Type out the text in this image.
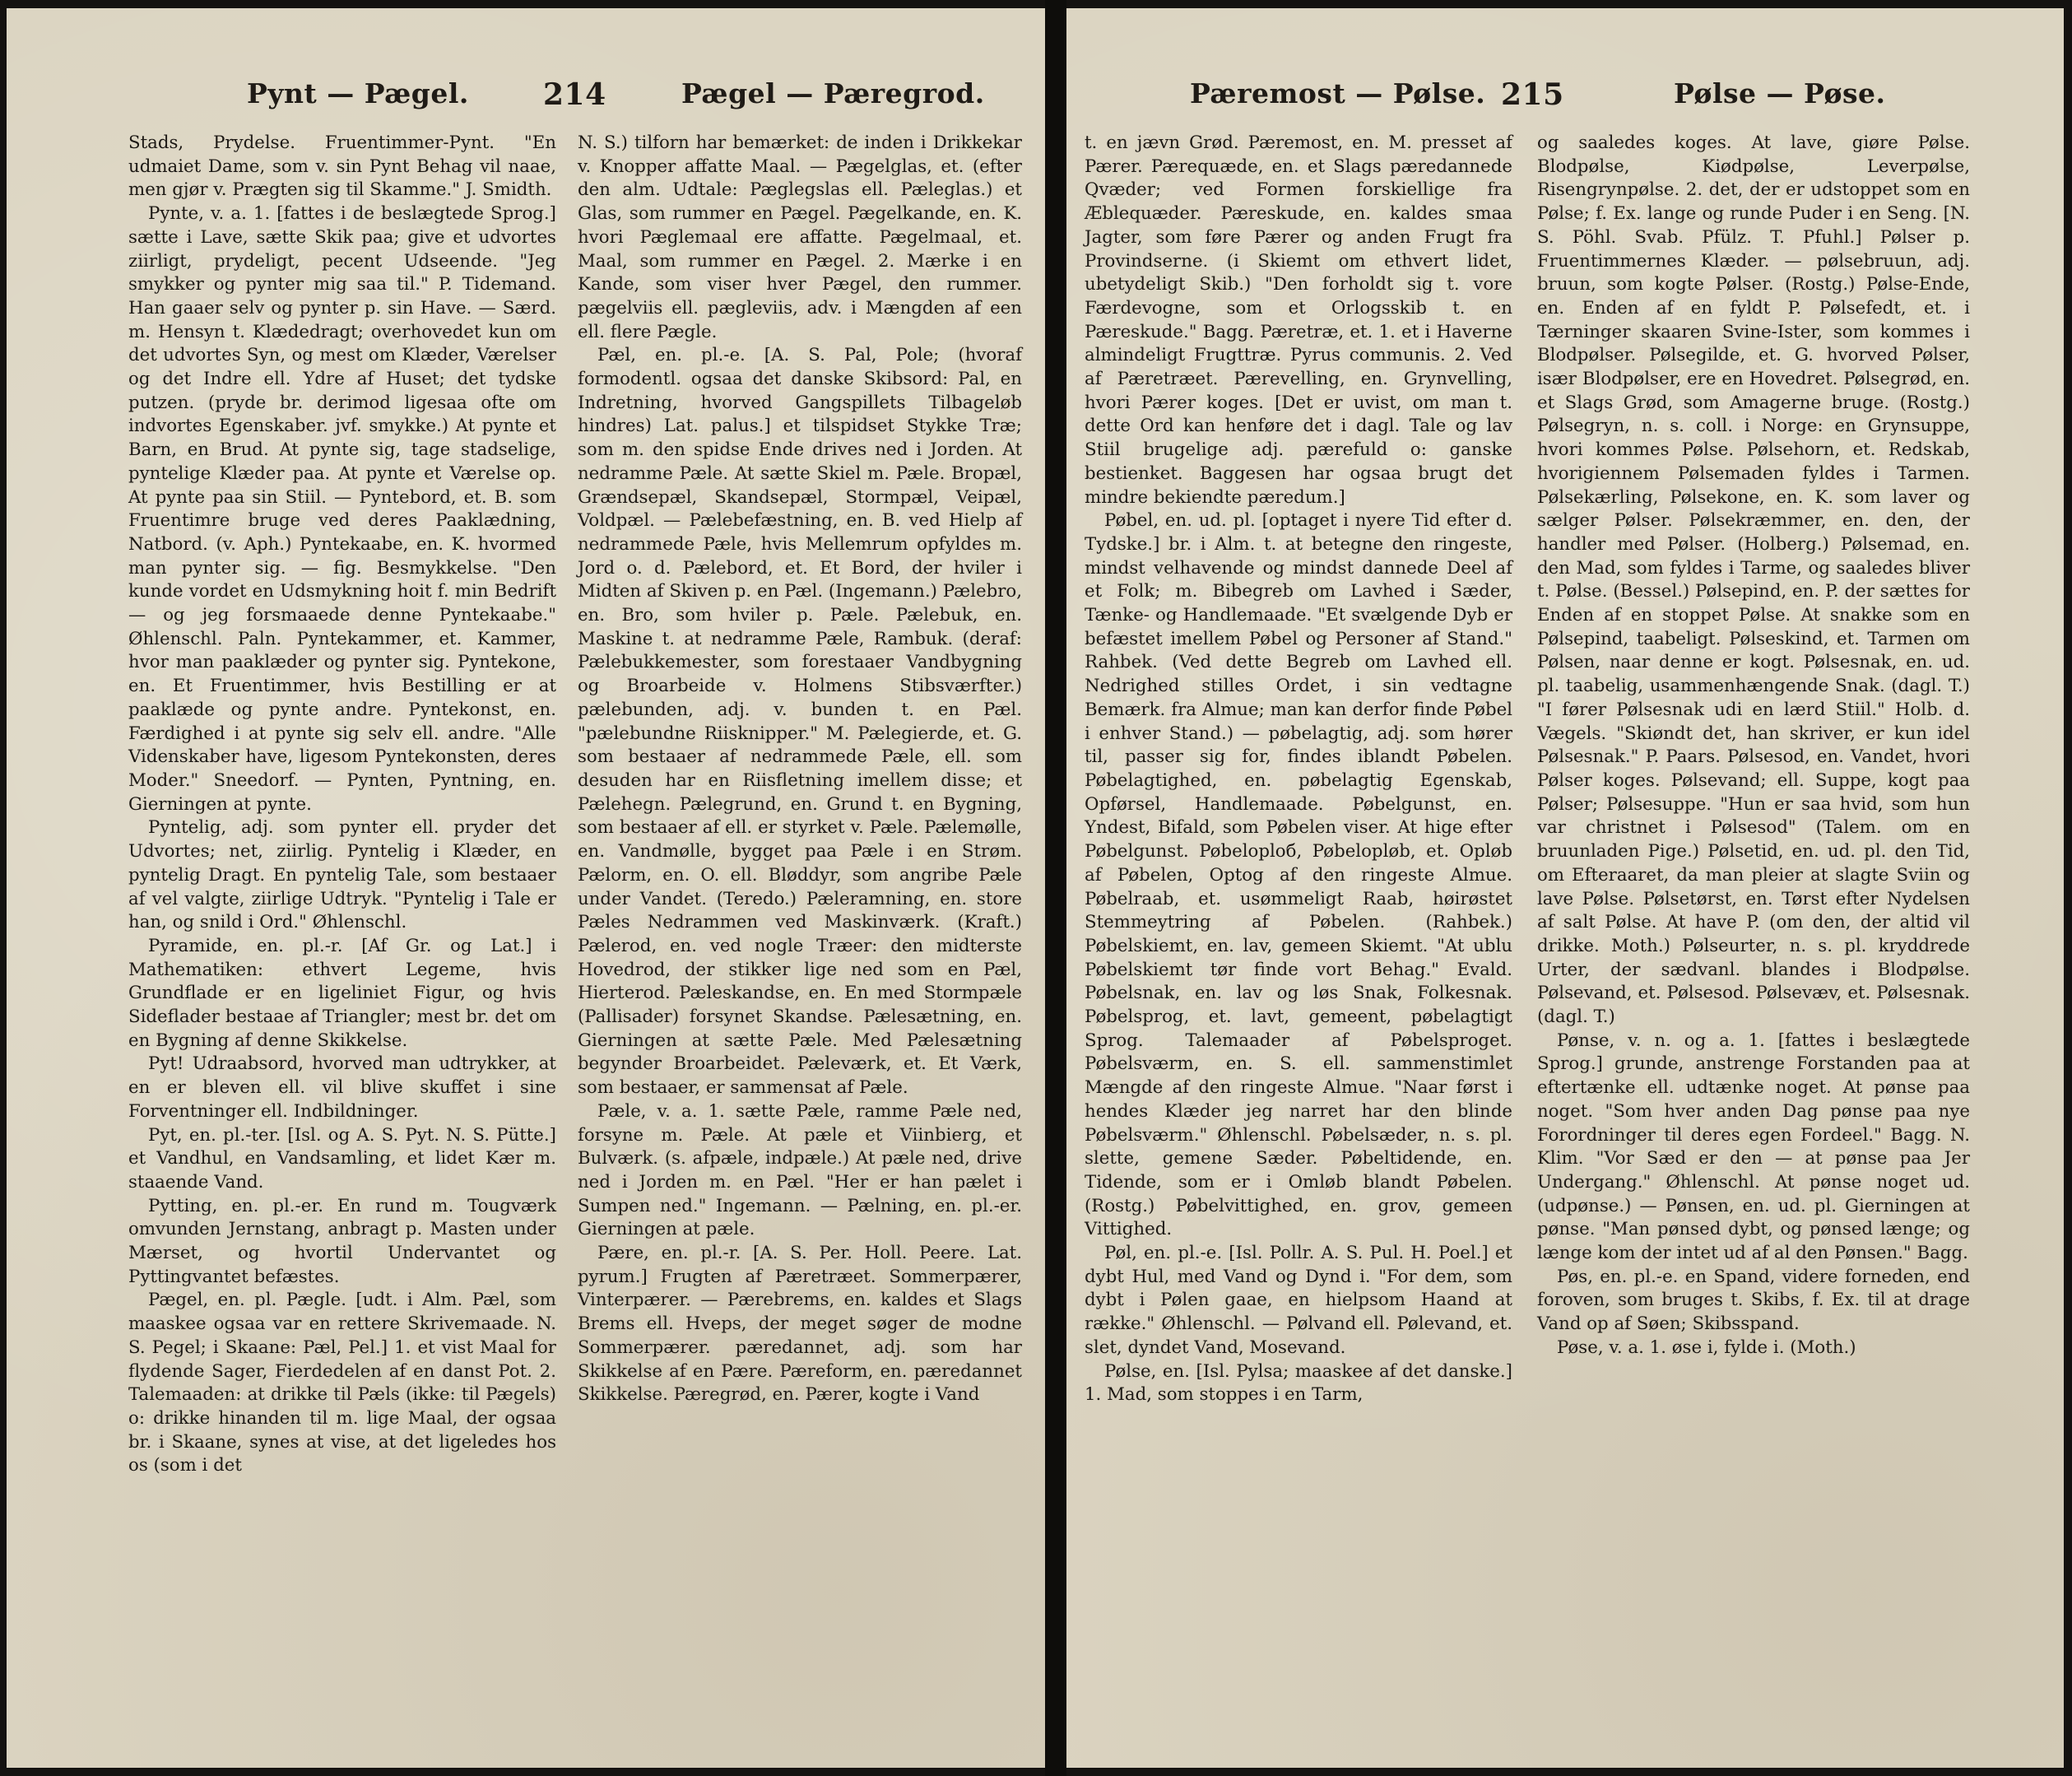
Pynt — Pægel.	214	Pægel — Pæregrod.

Stads, Prydelse. Fruentimmer-Pynt. "En udmaiet Dame, som v. sin Pynt Behag vil naae, men gjør v. Prægten sig til Skamme." J. Smidth.

Pynte, v. a. 1. [fattes i de beslægtede Sprog.] sætte i Lave, sætte Skik paa; give et udvortes ziirligt, prydeligt, pecent Udseende. "Jeg smykker og pynter mig saa til." P. Tidemand. Han gaaer selv og pynter p. sin Have. — Særd. m. Hensyn t. Klædedragt; overhovedet kun om det udvortes Syn, og mest om Klæder, Værelser og det Indre ell. Ydre af Huset; det tydske putzen. (pryde br. derimod ligesaa ofte om indvortes Egenskaber. jvf. smykke.) At pynte et Barn, en Brud. At pynte sig, tage stadselige, pyntelige Klæder paa. At pynte et Værelse op. At pynte paa sin Stiil. — Pyntebord, et. B. som Fruentimre bruge ved deres Paaklædning, Natbord. (v. Aph.) Pyntekaabe, en. K. hvormed man pynter sig. — fig. Besmykkelse. "Den kunde vordet en Udsmykning hoit f. min Bedrift — og jeg forsmaaede denne Pyntekaabe." Øhlenschl. Paln. Pyntekammer, et. Kammer, hvor man paaklæder og pynter sig. Pyntekone, en. Et Fruentimmer, hvis Bestilling er at paaklæde og pynte andre. Pyntekonst, en. Færdighed i at pynte sig selv ell. andre. "Alle Videnskaber have, ligesom Pyntekonsten, deres Moder." Sneedorf. — Pynten, Pyntning, en. Gierningen at pynte.

Pyntelig, adj. som pynter ell. pryder det Udvortes; net, ziirlig. Pyntelig i Klæder, en pyntelig Dragt. En pyntelig Tale, som bestaaer af vel valgte, ziirlige Udtryk. "Pyntelig i Tale er han, og snild i Ord." Øhlenschl.

Pyramide, en. pl.-r. [Af Gr. og Lat.] i Mathematiken: ethvert Legeme, hvis Grundflade er en ligeliniet Figur, og hvis Sideflader bestaae af Triangler; mest br. det om en Bygning af denne Skikkelse.

Pyt! Udraabsord, hvorved man udtrykker, at en er bleven ell. vil blive skuffet i sine Forventninger ell. Indbildninger.

Pyt, en. pl.-ter. [Isl. og A. S. Pyt. N. S. Pütte.] et Vandhul, en Vandsamling, et lidet Kær m. staaende Vand.

Pytting, en. pl.-er. En rund m. Tougværk omvunden Jernstang, anbragt p. Masten under Mærset, og hvortil Undervantet og Pyttingvantet befæstes.

Pægel, en. pl. Pægle. [udt. i Alm. Pæl, som maaskee ogsaa var en rettere Skrivemaade. N. S. Pegel; i Skaane: Pæl, Pel.] 1. et vist Maal for flydende Sager, Fierdedelen af en danst Pot. 2. Talemaaden: at drikke til Pæls (ikke: til Pægels) o: drikke hinanden til m. lige Maal, der ogsaa br. i Skaane, synes at vise, at det ligeledes hos os (som i det

N. S.) tilforn har bemærket: de inden i Drikkekar v. Knopper affatte Maal. — Pægelglas, et. (efter den alm. Udtale: Pæglegslas ell. Pæleglas.) et Glas, som rummer en Pægel. Pægelkande, en. K. hvori Pæglemaal ere affatte. Pægelmaal, et. Maal, som rummer en Pægel. 2. Mærke i en Kande, som viser hver Pægel, den rummer. pægelviis ell. pægleviis, adv. i Mængden af een ell. flere Pægle.

Pæl, en. pl.-e. [A. S. Pal, Pole; (hvoraf formodentl. ogsaa det danske Skibsord: Pal, en Indretning, hvorved Gangspillets Tilbageløb hindres) Lat. palus.] et tilspidset Stykke Træ; som m. den spidse Ende drives ned i Jorden. At nedramme Pæle. At sætte Skiel m. Pæle. Bropæl, Grændsepæl, Skandsepæl, Stormpæl, Veipæl, Voldpæl. — Pælebefæstning, en. B. ved Hielp af nedrammede Pæle, hvis Mellemrum opfyldes m. Jord o. d. Pælebord, et. Et Bord, der hviler i Midten af Skiven p. en Pæl. (Ingemann.) Pælebro, en. Bro, som hviler p. Pæle. Pælebuk, en. Maskine t. at nedramme Pæle, Rambuk. (deraf: Pælebukkemester, som forestaaer Vandbygning og Broarbeide v. Holmens Stibsværfter.) pælebunden, adj. v. bunden t. en Pæl. "pælebundne Riisknipper." M. Pælegierde, et. G. som bestaaer af nedrammede Pæle, ell. som desuden har en Riisfletning imellem disse; et Pælehegn. Pælegrund, en. Grund t. en Bygning, som bestaaer af ell. er styrket v. Pæle. Pælemølle, en. Vandmølle, bygget paa Pæle i en Strøm. Pælorm, en. O. ell. Bløddyr, som angribe Pæle under Vandet. (Teredo.) Pæleramning, en. store Pæles Nedrammen ved Maskinværk. (Kraft.) Pælerod, en. ved nogle Træer: den midterste Hovedrod, der stikker lige ned som en Pæl, Hierterod. Pæleskandse, en. En med Stormpæle (Pallisader) forsynet Skandse. Pælesætning, en. Gierningen at sætte Pæle. Med Pælesætning begynder Broarbeidet. Pæleværk, et. Et Værk, som bestaaer, er sammensat af Pæle.

Pæle, v. a. 1. sætte Pæle, ramme Pæle ned, forsyne m. Pæle. At pæle et Viinbierg, et Bulværk. (s. afpæle, indpæle.) At pæle ned, drive ned i Jorden m. en Pæl. "Her er han pælet i Sumpen ned." Ingemann. — Pælning, en. pl.-er. Gierningen at pæle.

Pære, en. pl.-r. [A. S. Per. Holl. Peere. Lat. pyrum.] Frugten af Pæretræet. Sommerpærer, Vinterpærer. — Pærebrems, en. kaldes et Slags Brems ell. Hveps, der meget søger de modne Sommerpærer. pæredannet, adj. som har Skikkelse af en Pære. Pæreform, en. pæredannet Skikkelse. Pæregrød, en. Pærer, kogte i Vand

Pæremost — Pølse. 215	Pølse — Pøse.

t. en jævn Grød. Pæremost, en. M. presset af Pærer. Pærequæde, en. et Slags pæredannede Qvæder; ved Formen forskiellige fra Æblequæder. Pæreskude, en. kaldes smaa Jagter, som føre Pærer og anden Frugt fra Provindserne. (i Skiemt om ethvert lidet, ubetydeligt Skib.) "Den forholdt sig t. vore Færdevogne, som et Orlogsskib t. en Pæreskude." Bagg. Pæretræ, et. 1. et i Haverne almindeligt Frugttræ. Pyrus communis. 2. Ved af Pæretræet. Pærevelling, en. Grynvelling, hvori Pærer koges. [Det er uvist, om man t. dette Ord kan henføre det i dagl. Tale og lav Stiil brugelige adj. pærefuld o: ganske bestienket. Baggesen har ogsaa brugt det mindre bekiendte pæredum.]

Pøbel, en. ud. pl. [optaget i nyere Tid efter d. Tydske.] br. i Alm. t. at betegne den ringeste, mindst velhavende og mindst dannede Deel af et Folk; m. Bibegreb om Lavhed i Sæder, Tænke- og Handlemaade. "Et svælgende Dyb er befæstet imellem Pøbel og Personer af Stand." Rahbek. (Ved dette Begreb om Lavhed ell. Nedrighed stilles Ordet, i sin vedtagne Bemærk. fra Almue; man kan derfor finde Pøbel i enhver Stand.) — pøbelagtig, adj. som hører til, passer sig for, findes iblandt Pøbelen. Pøbelagtighed, en. pøbelagtig Egenskab, Opførsel, Handlemaade. Pøbelgunst, en. Yndest, Bifald, som Pøbelen viser. At hige efter Pøbelgunst. Pøbeloploб, Pøbelopløb, et. Opløb af Pøbelen, Optog af den ringeste Almue. Pøbelraab, et. usømmeligt Raab, høirøstet Stemmeytring af Pøbelen. (Rahbek.) Pøbelskiemt, en. lav, gemeen Skiemt. "At ublu Pøbelskiemt tør finde vort Behag." Evald. Pøbelsnak, en. lav og løs Snak, Folkesnak. Pøbelsprog, et. lavt, gemeent, pøbelagtigt Sprog. Talemaader af Pøbelsproget. Pøbelsværm, en. S. ell. sammenstimlet Mængde af den ringeste Almue. "Naar først i hendes Klæder jeg narret har den blinde Pøbelsværm." Øhlenschl. Pøbelsæder, n. s. pl. slette, gemene Sæder. Pøbeltidende, en. Tidende, som er i Omløb blandt Pøbelen. (Rostg.) Pøbelvittighed, en. grov, gemeen Vittighed.

Pøl, en. pl.-e. [Isl. Pollr. A. S. Pul. H. Poel.] et dybt Hul, med Vand og Dynd i. "For dem, som dybt i Pølen gaae, en hielpsom Haand at række." Øhlenschl. — Pølvand ell. Pølevand, et. slet, dyndet Vand, Mosevand.

Pølse, en. [Isl. Pylsa; maaskee af det danske.] 1. Mad, som stoppes i en Tarm,

og saaledes koges. At lave, giøre Pølse. Blodpølse, Kiødpølse, Leverpølse, Risengrynpølse. 2. det, der er udstoppet som en Pølse; f. Ex. lange og runde Puder i en Seng. [N. S. Pöhl. Svab. Pfülz. T. Pfuhl.] Pølser p. Fruentimmernes Klæder. — pølsebruun, adj. bruun, som kogte Pølser. (Rostg.) Pølse-Ende, en. Enden af en fyldt P. Pølsefedt, et. i Tærninger skaaren Svine-Ister, som kommes i Blodpølser. Pølsegilde, et. G. hvorved Pølser, især Blodpølser, ere en Hovedret. Pølsegrød, en. et Slags Grød, som Amagerne bruge. (Rostg.) Pølsegryn, n. s. coll. i Norge: en Grynsuppe, hvori kommes Pølse. Pølsehorn, et. Redskab, hvorigiennem Pølsemaden fyldes i Tarmen. Pølsekærling, Pølsekone, en. K. som laver og sælger Pølser. Pølsekræmmer, en. den, der handler med Pølser. (Holberg.) Pølsemad, en. den Mad, som fyldes i Tarme, og saaledes bliver t. Pølse. (Bessel.) Pølsepind, en. P. der sættes for Enden af en stoppet Pølse. At snakke som en Pølsepind, taabeligt. Pølseskind, et. Tarmen om Pølsen, naar denne er kogt. Pølsesnak, en. ud. pl. taabelig, usammenhængende Snak. (dagl. T.) "I fører Pølsesnak udi en lærd Stiil." Holb. d. Vægels. "Skiøndt det, han skriver, er kun idel Pølsesnak." P. Paars. Pølsesod, en. Vandet, hvori Pølser koges. Pølsevand; ell. Suppe, kogt paa Pølser; Pølsesuppe. "Hun er saa hvid, som hun var christnet i Pølsesod" (Talem. om en bruunladen Pige.) Pølsetid, en. ud. pl. den Tid, om Efteraaret, da man pleier at slagte Sviin og lave Pølse. Pølsetørst, en. Tørst efter Nydelsen af salt Pølse. At have P. (om den, der altid vil drikke. Moth.) Pølseurter, n. s. pl. kryddrede Urter, der sædvanl. blandes i Blodpølse. Pølsevand, et. Pølsesod. Pølsevæv, et. Pølsesnak. (dagl. T.)

Pønse, v. n. og a. 1. [fattes i beslægtede Sprog.] grunde, anstrenge Forstanden paa at eftertænke ell. udtænke noget. At pønse paa noget. "Som hver anden Dag pønse paa nye Forordninger til deres egen Fordeel." Bagg. N. Klim. "Vor Sæd er den — at pønse paa Jer Undergang." Øhlenschl. At pønse noget ud. (udpønse.) — Pønsen, en. ud. pl. Gierningen at pønse. "Man pønsed dybt, og pønsed længe; og længe kom der intet ud af al den Pønsen." Bagg.

Pøs, en. pl.-e. en Spand, videre forneden, end foroven, som bruges t. Skibs, f. Ex. til at drage Vand op af Søen; Skibsspand.

Pøse, v. a. 1. øse i, fylde i. (Moth.)
